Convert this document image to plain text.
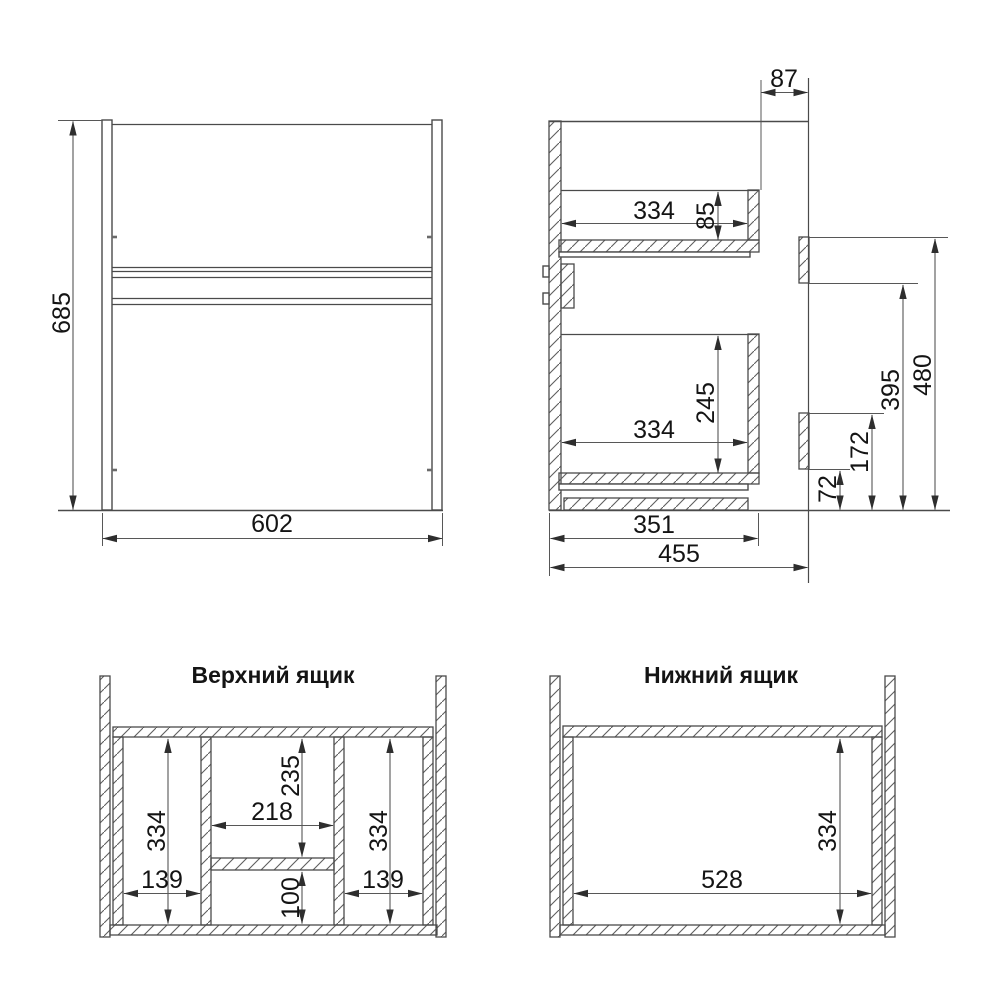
685
602
87
334 85
334
245
351
455
72
172
395 480
Верхний ящик
334
139
235
218
100
334
139
Нижний ящик
528
334
